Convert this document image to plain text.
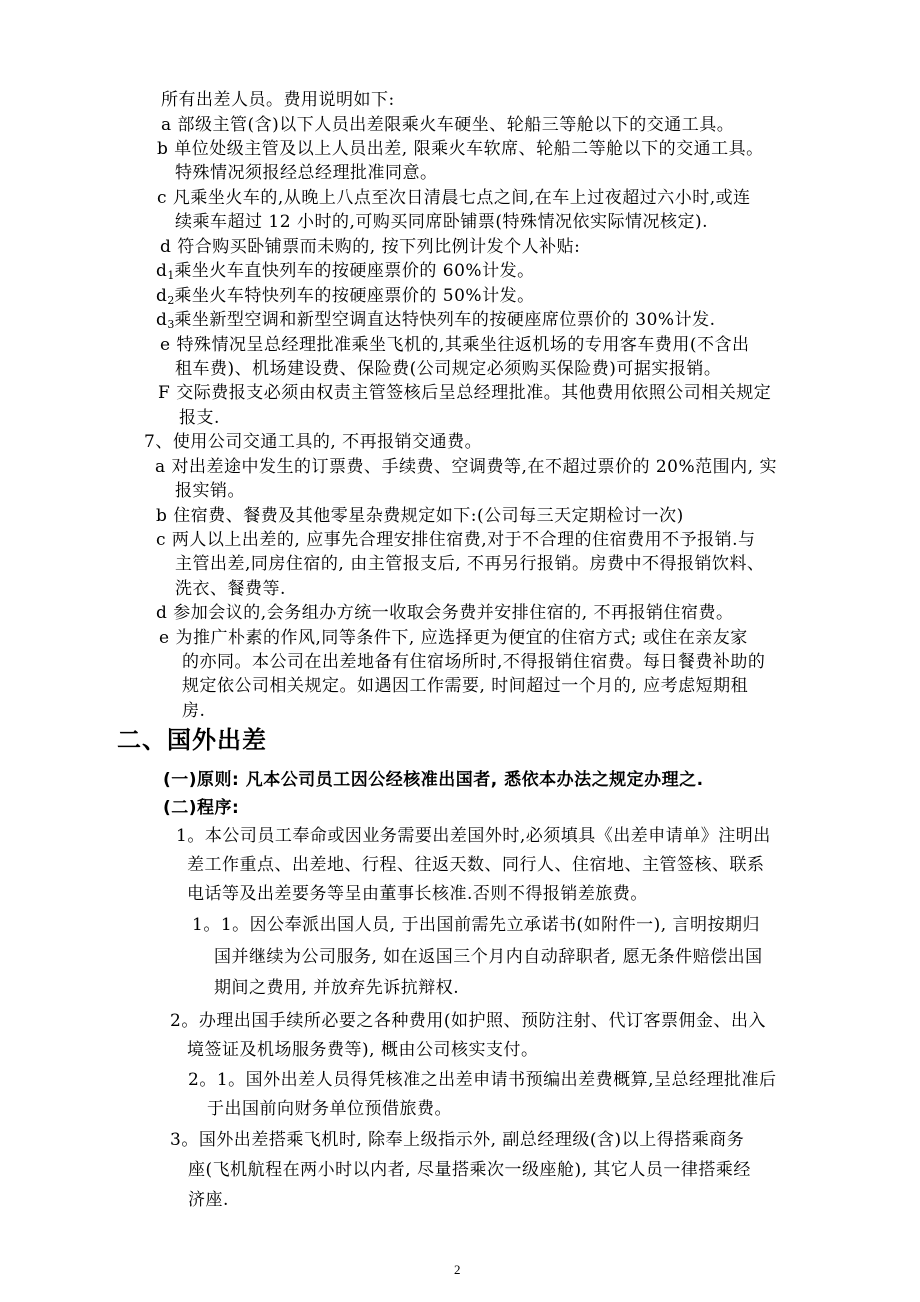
所有出差人员。费用说明如下:
a 部级主管(含)以下人员出差限乘火车硬坐、轮船三等舱以下的交通工具。
b 单位处级主管及以上人员出差, 限乘火车软席、轮船二等舱以下的交通工具。
特殊情况须报经总经理批准同意。
c 凡乘坐火车的,从晚上八点至次日清晨七点之间,在车上过夜超过六小时,或连
续乘车超过 12 小时的,可购买同席卧铺票(特殊情况依实际情况核定).
d 符合购买卧铺票而未购的, 按下列比例计发个人补贴:
$d_1$乘坐火车直快列车的按硬座票价的 60%计发。
$d_2$乘坐火车特快列车的按硬座票价的 50%计发。
$d_3$乘坐新型空调和新型空调直达特快列车的按硬座席位票价的 30%计发.
e 特殊情况呈总经理批准乘坐飞机的,其乘坐往返机场的专用客车费用(不含出
租车费)、机场建设费、保险费(公司规定必须购买保险费)可据实报销。
F 交际费报支必须由权责主管签核后呈总经理批准。其他费用依照公司相关规定
报支.
7、使用公司交通工具的, 不再报销交通费。
a 对出差途中发生的订票费、手续费、空调费等,在不超过票价的 20%范围内, 实
报实销。
b 住宿费、餐费及其他零星杂费规定如下:(公司每三天定期检讨一次)
c 两人以上出差的, 应事先合理安排住宿费,对于不合理的住宿费用不予报销.与
主管出差,同房住宿的, 由主管报支后, 不再另行报销。房费中不得报销饮料、
洗衣、餐费等.
d 参加会议的,会务组办方统一收取会务费并安排住宿的, 不再报销住宿费。
e 为推广朴素的作风,同等条件下, 应选择更为便宜的住宿方式; 或住在亲友家
的亦同。本公司在出差地备有住宿场所时,不得报销住宿费。每日餐费补助的
规定依公司相关规定。如遇因工作需要, 时间超过一个月的, 应考虑短期租
房.
二、国外出差
(一)原则: 凡本公司员工因公经核准出国者, 悉依本办法之规定办理之.
(二)程序:
1。本公司员工奉命或因业务需要出差国外时,必须填具《出差申请单》注明出
差工作重点、出差地、行程、往返天数、同行人、住宿地、主管签核、联系
电话等及出差要务等呈由董事长核准.否则不得报销差旅费。
1。1。因公奉派出国人员, 于出国前需先立承诺书(如附件一), 言明按期归
国并继续为公司服务, 如在返国三个月内自动辞职者, 愿无条件赔偿出国
期间之费用, 并放弃先诉抗辩权.
2。办理出国手续所必要之各种费用(如护照、预防注射、代订客票佣金、出入
境签证及机场服务费等), 概由公司核实支付。
2。1。国外出差人员得凭核准之出差申请书预编出差费概算,呈总经理批准后
于出国前向财务单位预借旅费。
3。国外出差搭乘飞机时, 除奉上级指示外, 副总经理级(含)以上得搭乘商务
座(飞机航程在两小时以内者, 尽量搭乘次一级座舱), 其它人员一律搭乘经
济座.
2
